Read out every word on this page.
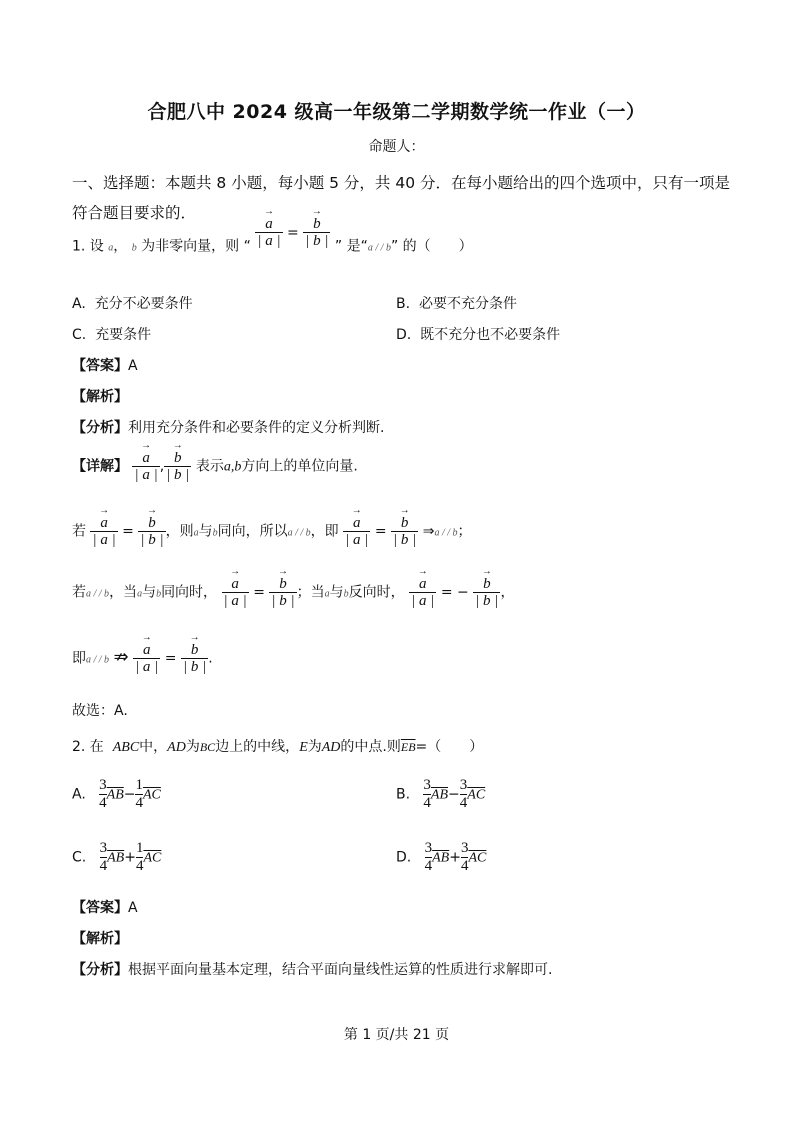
合肥八中 2024 级高一年级第二学期数学统一作业（一）
命题人：
一、选择题：本题共 8 小题，每小题 5 分，共 40 分．在每小题给出的四个选项中，只有一项是符合题目要求的．
1. 设 a， b 为非零向量，则 “ → $\frac{a}{| a |}$ = → $\frac{b}{| b |}$ ” 是“a / / b” 的（　　）
A. 充分不必要条件	B. 必要不充分条件
C. 充要条件	D. 既不充分也不必要条件
【答案】A
【解析】
【分析】利用充分条件和必要条件的定义分析判断.
【详解】 → $\frac{a}{| a |}$ , → $\frac{b}{| b |}$ 表示a,b方向上的单位向量.
若 → $\frac{a}{| a |}$ = → $\frac{b}{| b |}$ ，则a与b同向，所以a / / b，即 → $\frac{a}{| a |}$ = → $\frac{b}{| b |}$ ⇒a / / b；
若a / / b，当a与b同向时， → $\frac{a}{| a |}$ = → $\frac{b}{| b |}$ ；当a与b反向时， → $\frac{a}{| a |}$ = − → $\frac{b}{| b |}$ ，
即a / / b ⇏ → $\frac{a}{| a |}$ = → $\frac{b}{| b |}$ .
故选：A.
2. 在 ABC中，AD为BC边上的中线，E为AD的中点.则$\overline{EB}=$（　　）
A. $\frac{3}{4} \overline{AB}- \frac{1}{4} \overline{AC}$	B. $\frac{3}{4} \overline{AB}- \frac{3}{4} \overline{AC}$
C. $\frac{3}{4} \overline{AB}+ \frac{1}{4} \overline{AC}$	D. $\frac{3}{4} \overline{AB}+ \frac{3}{4} \overline{AC}$
【答案】A
【解析】
【分析】根据平面向量基本定理，结合平面向量线性运算的性质进行求解即可.
第 1 页/共 21 页
